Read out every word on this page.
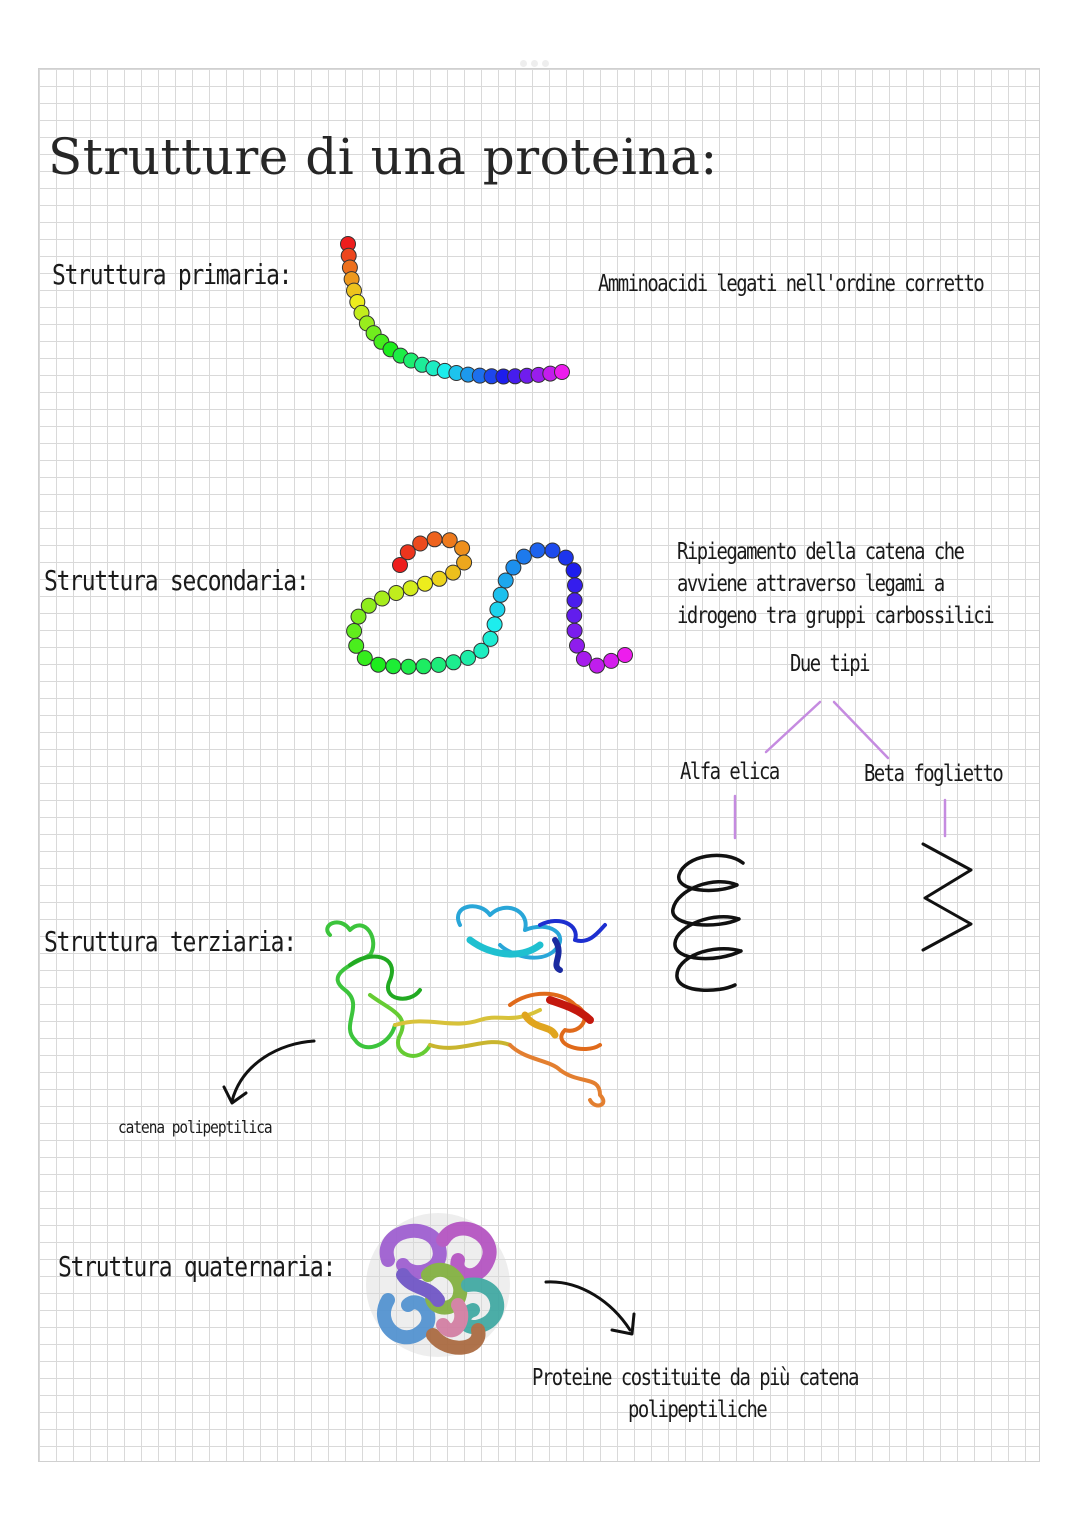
Strutture di una proteina:
Struttura primaria:	Amminoacidi legati nell'ordine corretto
Struttura secondaria:
Ripiegamento della catena che
avviene attraverso legami a
idrogeno tra gruppi carbossilici
Due tipi
Alfa elica	Beta foglietto
Struttura terziaria:
catena polipeptilica
Struttura quaternaria:
Proteine costituite da più catena
polipeptiliche
